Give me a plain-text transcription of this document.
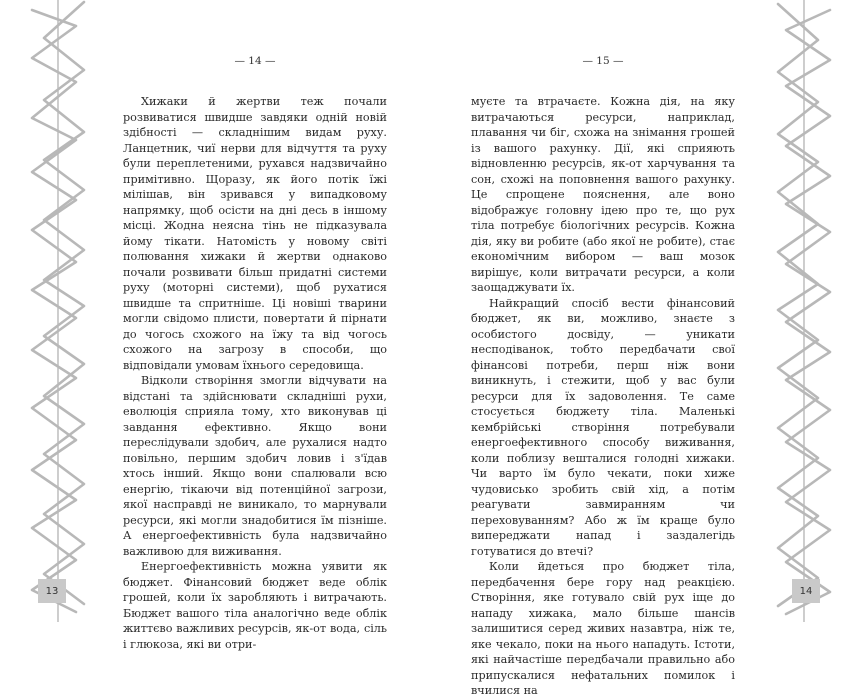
13	14
— 14 —	— 15 —

Хижаки й жертви теж почали розвиватися швидше завдяки одній новій здібності — складнішим видам руху. Ланцетник, чиї нерви для відчуття та руху були переплетеними, рухався надзвичайно примітивно. Щоразу, як його потік їжі мілішав, він зривався у випадковому напрямку, щоб осісти на дні десь в іншому місці. Жодна неясна тінь не підказувала йому тікати. Натомість у новому світі полювання хижаки й жертви однаково почали розвивати більш придатні системи руху (моторні системи), щоб рухатися швидше та спритніше. Ці новіші тварини могли свідомо плисти, повертати й пірнати до чогось схожого на їжу та від чогось схожого на загрозу в способи, що відповідали умовам їхнього середовища.

Відколи створіння змогли відчувати на відстані та здійснювати складніші рухи, еволюція сприяла тому, хто виконував ці завдання ефективно. Якщо вони переслідували здобич, але рухалися надто повільно, першим здобич ловив і з'їдав хтось інший. Якщо вони спалювали всю енергію, тікаючи від потенційної загрози, якої насправді не виникало, то марнували ресурси, які могли знадобитися їм пізніше. А енергоефективність була надзвичайно важливою для виживання.

Енергоефективність можна уявити як бюджет. Фінансовий бюджет веде облік грошей, коли їх заробляють і витрачають. Бюджет вашого тіла аналогічно веде облік життєво важливих ресурсів, як-от вода, сіль і глюкоза, які ви отри-

муєте та втрачаєте. Кожна дія, на яку витрачаються ресурси, наприклад, плавання чи біг, схожа на знімання грошей із вашого рахунку. Дії, які сприяють відновленню ресурсів, як-от харчування та сон, схожі на поповнення вашого рахунку. Це спрощене пояснення, але воно відображує головну ідею про те, що рух тіла потребує біологічних ресурсів. Кожна дія, яку ви робите (або якої не робите), стає економічним вибором — ваш мозок вирішує, коли витрачати ресурси, а коли заощаджувати їх.

Найкращий спосіб вести фінансовий бюджет, як ви, можливо, знаєте з особистого досвіду, — уникати несподіванок, тобто передбачати свої фінансові потреби, перш ніж вони виникнуть, і стежити, щоб у вас були ресурси для їх задоволення. Те саме стосується бюджету тіла. Маленькі кембрійські створіння потребували енергоефективного способу виживання, коли поблизу вешталися голодні хижаки. Чи варто їм було чекати, поки хиже чудовисько зробить свій хід, а потім реагувати завмиранням чи переховуванням? Або ж їм краще було випереджати напад і заздалегідь готуватися до втечі?

Коли йдеться про бюджет тіла, передбачення бере гору над реакцією. Створіння, яке готувало свій рух іще до нападу хижака, мало більше шансів залишитися серед живих назавтра, ніж те, яке чекало, поки на нього нападуть. Істоти, які найчастіше передбачали правильно або припускалися нефатальних помилок і вчилися на
